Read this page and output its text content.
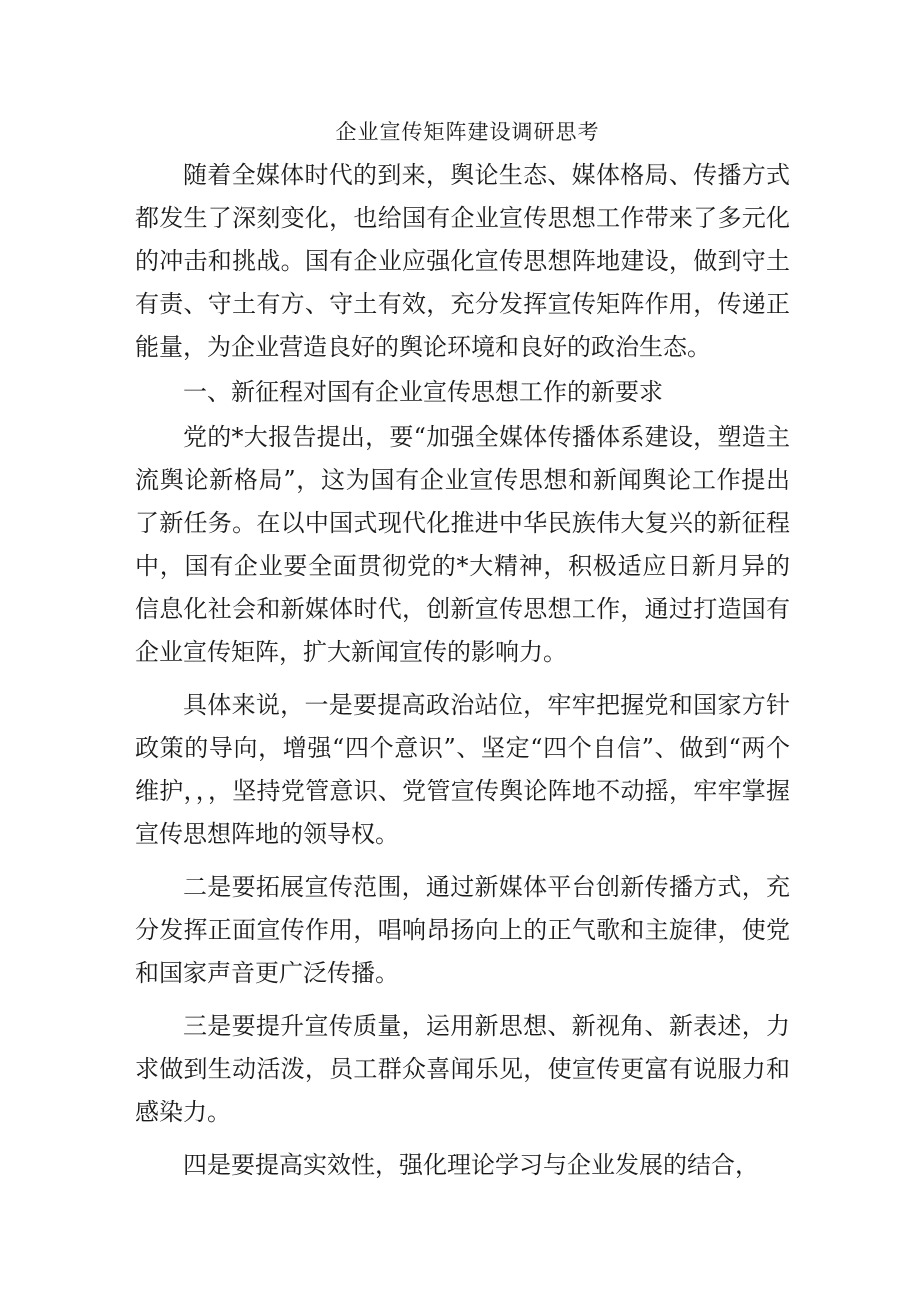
企业宣传矩阵建设调研思考

随着全媒体时代的到来，舆论生态、媒体格局、传播方式都发生了深刻变化，也给国有企业宣传思想工作带来了多元化的冲击和挑战。国有企业应强化宣传思想阵地建设，做到守土有责、守土有方、守土有效，充分发挥宣传矩阵作用，传递正能量，为企业营造良好的舆论环境和良好的政治生态。

一、新征程对国有企业宣传思想工作的新要求

党的*大报告提出，要“加强全媒体传播体系建设，塑造主流舆论新格局”，这为国有企业宣传思想和新闻舆论工作提出了新任务。在以中国式现代化推进中华民族伟大复兴的新征程中，国有企业要全面贯彻党的*大精神，积极适应日新月异的信息化社会和新媒体时代，创新宣传思想工作，通过打造国有企业宣传矩阵，扩大新闻宣传的影响力。

具体来说，一是要提高政治站位，牢牢把握党和国家方针政策的导向，增强“四个意识”、坚定“四个自信”、做到“两个维护，，，坚持党管意识、党管宣传舆论阵地不动摇，牢牢掌握宣传思想阵地的领导权。

二是要拓展宣传范围，通过新媒体平台创新传播方式，充分发挥正面宣传作用，唱响昂扬向上的正气歌和主旋律，使党和国家声音更广泛传播。

三是要提升宣传质量，运用新思想、新视角、新表述，力求做到生动活泼，员工群众喜闻乐见，使宣传更富有说服力和感染力。

四是要提高实效性，强化理论学习与企业发展的结合，
